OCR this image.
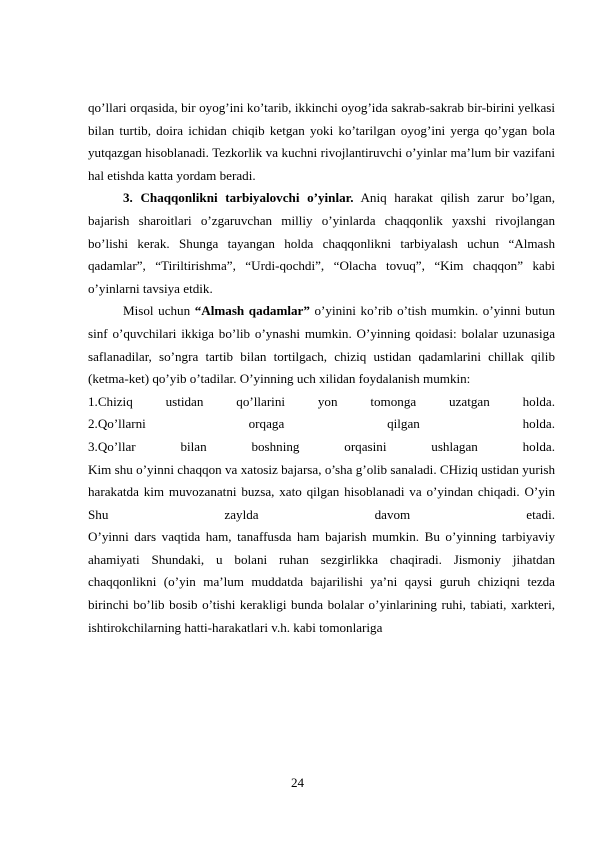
qo’llari orqasida, bir oyog’ini ko’tarib, ikkinchi oyog’ida sakrab-sakrab bir-birini yelkasi bilan turtib, doira ichidan chiqib ketgan yoki ko’tarilgan oyog’ini yerga qo’ygan bola yutqazgan hisoblanadi. Tezkorlik va kuchni rivojlantiruvchi o’yinlar ma’lum bir vazifani hal etishda katta yordam beradi.

3. Chaqqonlikni tarbiyalovchi o’yinlar. Aniq harakat qilish zarur bo’lgan, bajarish sharoitlari o’zgaruvchan milliy o’yinlarda chaqqonlik yaxshi rivojlangan bo’lishi kerak. Shunga tayangan holda chaqqonlikni tarbiyalash uchun “Almash qadamlar”, “Tiriltirishma”, “Urdi-qochdi”, “Olacha tovuq”, “Kim chaqqon” kabi o’yinlarni tavsiya etdik.

Misol uchun “Almash qadamlar” o’yinini ko’rib o’tish mumkin. o’yinni butun sinf o’quvchilari ikkiga bo’lib o’ynashi mumkin. O’yinning qoidasi: bolalar uzunasiga saflanadilar, so’ngra tartib bilan tortilgach, chiziq ustidan qadamlarini chillak qilib (ketma-ket) qo’yib o’tadilar. O’yinning uch xilidan foydalanish mumkin:

1.Chiziq ustidan qo’llarini yon tomonga uzatgan holda.

2.Qo’llarni orqaga qilgan holda.

3.Qo’llar bilan boshning orqasini ushlagan holda.

Kim shu o’yinni chaqqon va xatosiz bajarsa, o’sha g’olib sanaladi. CHiziq ustidan yurish harakatda kim muvozanatni buzsa, xato qilgan hisoblanadi va o’yindan chiqadi. O’yin Shu zaylda davom etadi.

O’yinni dars vaqtida ham, tanaffusda ham bajarish mumkin. Bu o’yinning tarbiyaviy ahamiyati Shundaki, u bolani ruhan sezgirlikka chaqiradi. Jismoniy jihatdan chaqqonlikni (o’yin ma’lum muddatda bajarilishi ya’ni qaysi guruh chiziqni tezda birinchi bo’lib bosib o’tishi kerakligi bunda bolalar o’yinlarining ruhi, tabiati, xarkteri, ishtirokchilarning hatti-harakatlari v.h. kabi tomonlariga

24
